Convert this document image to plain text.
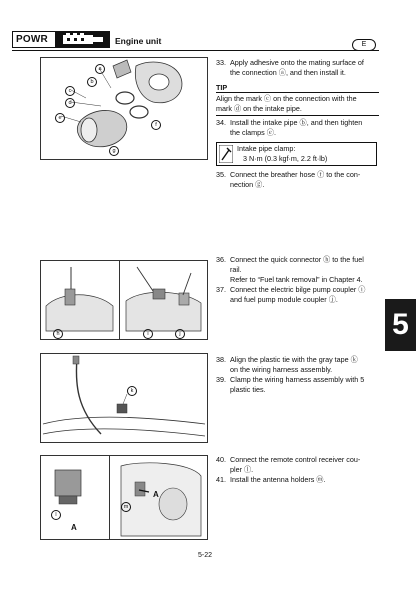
POWR	Engine unit	E
a
b
c
d
e
f
g
33. Apply adhesive onto the mating surface of
the connection ⓐ, and then install it.
TIP
Align the mark ⓒ on the connection with the
mark ⓓ on the intake pipe.
34. Install the intake pipe ⓑ, and then tighten
the clamps ⓔ.
Intake pipe clamp:
3 N·m (0.3 kgf·m, 2.2 ft·lb)
35. Connect the breather hose ⓕ to the con-
nection ⓖ.
h	i	j
36. Connect the quick connector ⓗ to the fuel
rail.
Refer to “Fuel tank removal” in Chapter 4.
37. Connect the electric bilge pump coupler ⓘ
and fuel pump module coupler ⓙ.
5
k
38. Align the plastic tie with the gray tape ⓚ
on the wiring harness assembly.
39. Clamp the wiring harness assembly with 5
plastic ties.
l
m
A
A
40. Connect the remote control receiver cou-
pler ⓛ.
41. Install the antenna holders ⓜ.
5-22
